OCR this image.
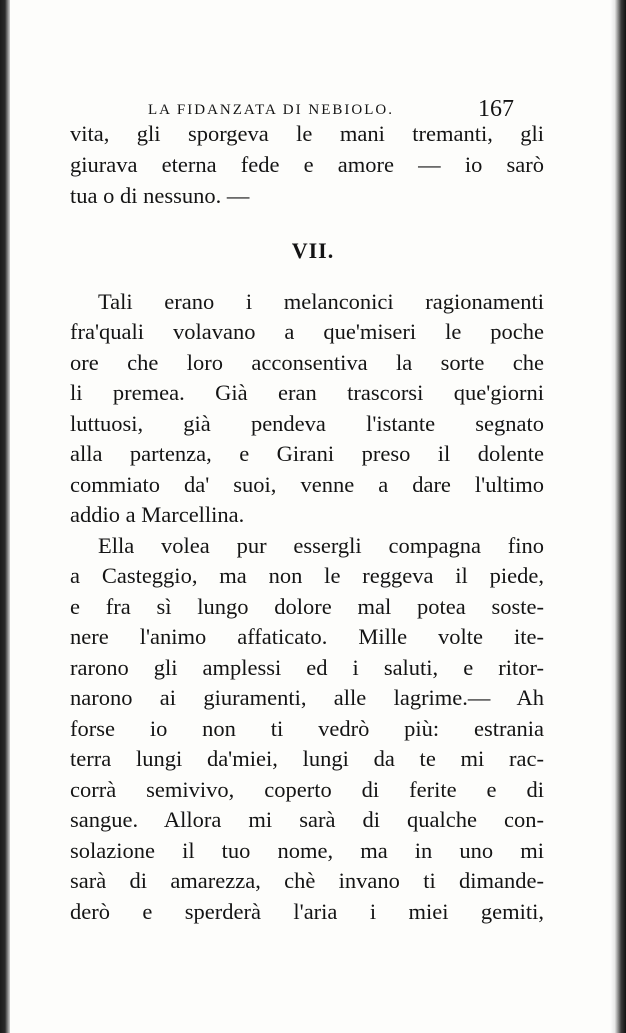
LA FIDANZATA DI NEBIOLO.	167
vita, gli sporgeva le mani tremanti, gli
giurava eterna fede e amore — io sarò
tua o di nessuno. —
VII.
Tali erano i melanconici ragionamenti
fra'quali volavano a que'miseri le poche
ore che loro acconsentiva la sorte che
li premea. Già eran trascorsi que'giorni
luttuosi, già pendeva l'istante segnato
alla partenza, e Girani preso il dolente
commiato da' suoi, venne a dare l'ultimo
addio a Marcellina.
Ella volea pur essergli compagna fino
a Casteggio, ma non le reggeva il piede,
e fra sì lungo dolore mal potea soste-
nere l'animo affaticato. Mille volte ite-
rarono gli amplessi ed i saluti, e ritor-
narono ai giuramenti, alle lagrime.— Ah
forse io non ti vedrò più: estrania
terra lungi da'miei, lungi da te mi rac-
corrà semivivo, coperto di ferite e di
sangue. Allora mi sarà di qualche con-
solazione il tuo nome, ma in uno mi
sarà di amarezza, chè invano ti dimande-
derò e sperderà l'aria i miei gemiti,
